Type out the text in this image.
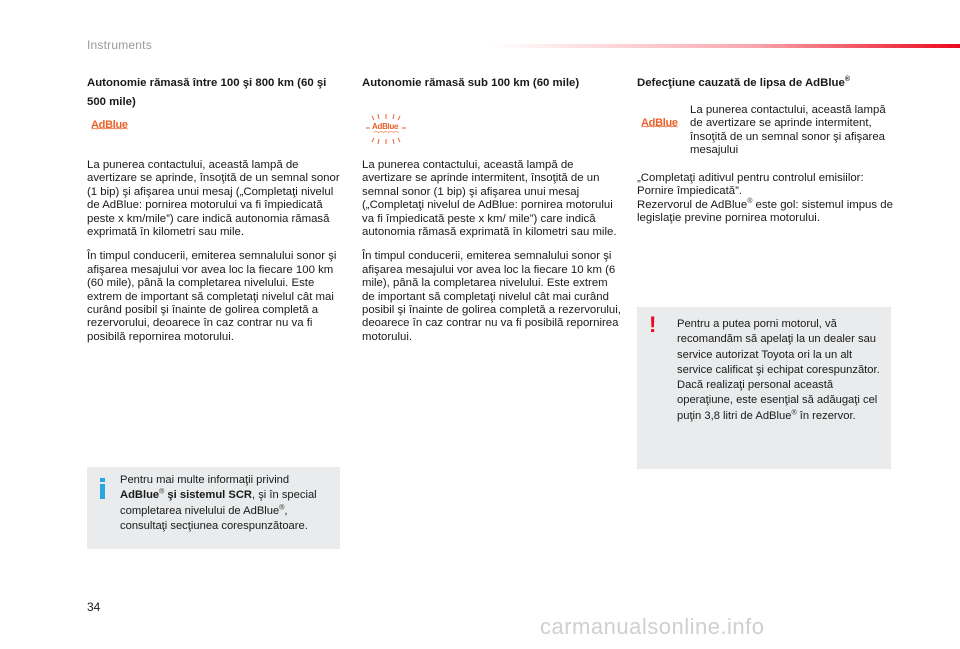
Instruments

Autonomie rămasă între 100 şi 800 km (60 şi 500 mile)

AdBlue
⌒⌒⌒⌒⌒⌒

La punerea contactului, această lampă de avertizare se aprinde, însoţită de un semnal sonor (1 bip) şi afişarea unui mesaj („Completaţi nivelul de AdBlue: pornirea motorului va fi împiedicată peste x km/mile”) care indică autonomia rămasă exprimată în kilometri sau mile.

În timpul conducerii, emiterea semnalului sonor şi afişarea mesajului vor avea loc la fiecare 100 km (60 mile), până la completarea nivelului. Este extrem de important să completaţi nivelul cât mai curând posibil şi înainte de golirea completă a rezervorului, deoarece în caz contrar nu va fi posibilă repornirea motorului.

Autonomie rămasă sub 100 km (60 mile)

AdBlue
⌒⌒⌒⌒⌒

La punerea contactului, această lampă de avertizare se aprinde intermitent, însoţită de un semnal sonor (1 bip) şi afişarea unui mesaj („Completaţi nivelul de AdBlue: pornirea motorului va fi împiedicată peste x km/ mile”) care indică autonomia rămasă exprimată în kilometri sau mile.

În timpul conducerii, emiterea semnalului sonor şi afişarea mesajului vor avea loc la fiecare 10 km (6 mile), până la completarea nivelului. Este extrem de important să completaţi nivelul cât mai curând posibil şi înainte de golirea completă a rezervorului, deoarece în caz contrar nu va fi posibilă repornirea motorului.

Defecţiune cauzată de lipsa de AdBlue®

AdBlue
⌒⌒⌒⌒⌒⌒

La punerea contactului, această lampă de avertizare se aprinde intermitent, însoţită de un semnal sonor şi afişarea mesajului

„Completaţi aditivul pentru controlul emisiilor: Pornire împiedicată”.

Rezervorul de AdBlue® este gol: sistemul impus de legislaţie previne pornirea motorului.

Pentru mai multe informaţii privind AdBlue® şi sistemul SCR, şi în special completarea nivelului de AdBlue®, consultaţi secţiunea corespunzătoare.

! Pentru a putea porni motorul, vă recomandăm să apelaţi la un dealer sau service autorizat Toyota ori la un alt service calificat şi echipat corespunzător.

Dacă realizaţi personal această operaţiune, este esenţial să adăugaţi cel puţin 3,8 litri de AdBlue® în rezervor.

34
carmanualsonline.info
